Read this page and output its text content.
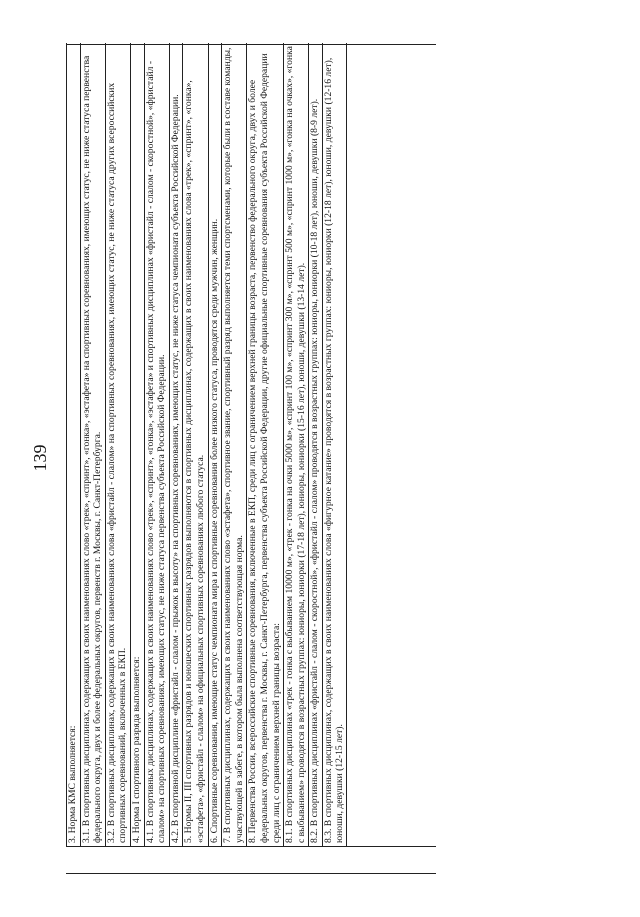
139

3. Норма КМС выполняется: 3.1. В спортивных дисциплинах, содержащих в своих наименованиях слово «трек», «спринт», «гонка», «эстафета» на спортивных соревнованиях, имеющих статус, не ниже статуса первенства федерального округа, двух и более федеральных округов, первенств г. Москвы, г. Санкт-Петербурга. 3.2. В спортивных дисциплинах, содержащих в своих наименованиях слова «фристайл - слалом» на спортивных соревнованиях, имеющих статус, не ниже статуса других всероссийских спортивных соревнований, включенных в ЕКП. 4. Норма I спортивного разряда выполняется: 4.1. В спортивных дисциплинах, содержащих в своих наименованиях слово «трек», «спринт», «гонка», «эстафета» и спортивных дисциплинах «фристайл - слалом - скоростной», «фристайл - слалом» на спортивных соревнованиях, имеющих статус, не ниже статуса первенства субъекта Российской Федерации. 4.2. В спортивной дисциплине «фристайл - слалом - прыжок в высоту» на спортивных соревнованиях, имеющих статус, не ниже статуса чемпионата субъекта Российской Федерации. 5. Нормы II, III спортивных разрядов и юношеских спортивных разрядов выполняются в спортивных дисциплинах, содержащих в своих наименованиях слова «трек», «спринт», «гонка», «эстафета», «фристайл - слалом» на официальных спортивных соревнованиях любого статуса. 6. Спортивные соревнования, имеющие статус чемпионата мира и спортивные соревнования более низкого статуса, проводятся среди мужчин, женщин. 7. В спортивных дисциплинах, содержащих в своих наименованиях слово «эстафета», спортивное звание, спортивный разряд выполняется теми спортсменами, которые были в составе команды, участвующей в забеге, в котором была выполнена соответствующая норма. 8. Первенства России, всероссийские спортивные соревнования, включенные в ЕКП, среди лиц с ограничением верхней границы возраста, первенство федерального округа, двух и более федеральных округов, первенства г. Москвы, г. Санкт-Петербурга, первенства субъекта Российской Федерации, другие официальные спортивные соревнования субъекта Российской Федерации среди лиц с ограничением верхней границы возраста: 8.1. В спортивных дисциплинах «трек - гонка с выбыванием 10000 м», «трек - гонка на очки 5000 м», «спринт 100 м», «спринт 300 м», «спринт 500 м», «спринт 1000 м», «гонка на очках», «гонка с выбыванием» проводятся в возрастных группах: юниоры, юниорки (17-18 лет), юниоры, юниорки (15-16 лет), юноши, девушки (13-14 лет). 8.2. В спортивных дисциплинах «фристайл - слалом - скоростной», «фристайл - слалом» проводятся в возрастных группах: юниоры, юниорки (10-18 лет), юноши, девушки (8-9 лет). 8.3. В спортивных дисциплинах, содержащих в своих наименованиях слова «фигурное катание» проводятся в возрастных группах: юниоры, юниорки (12-18 лет), юноши, девушки (12-16 лет), юноши, девушки (12-15 лет).
